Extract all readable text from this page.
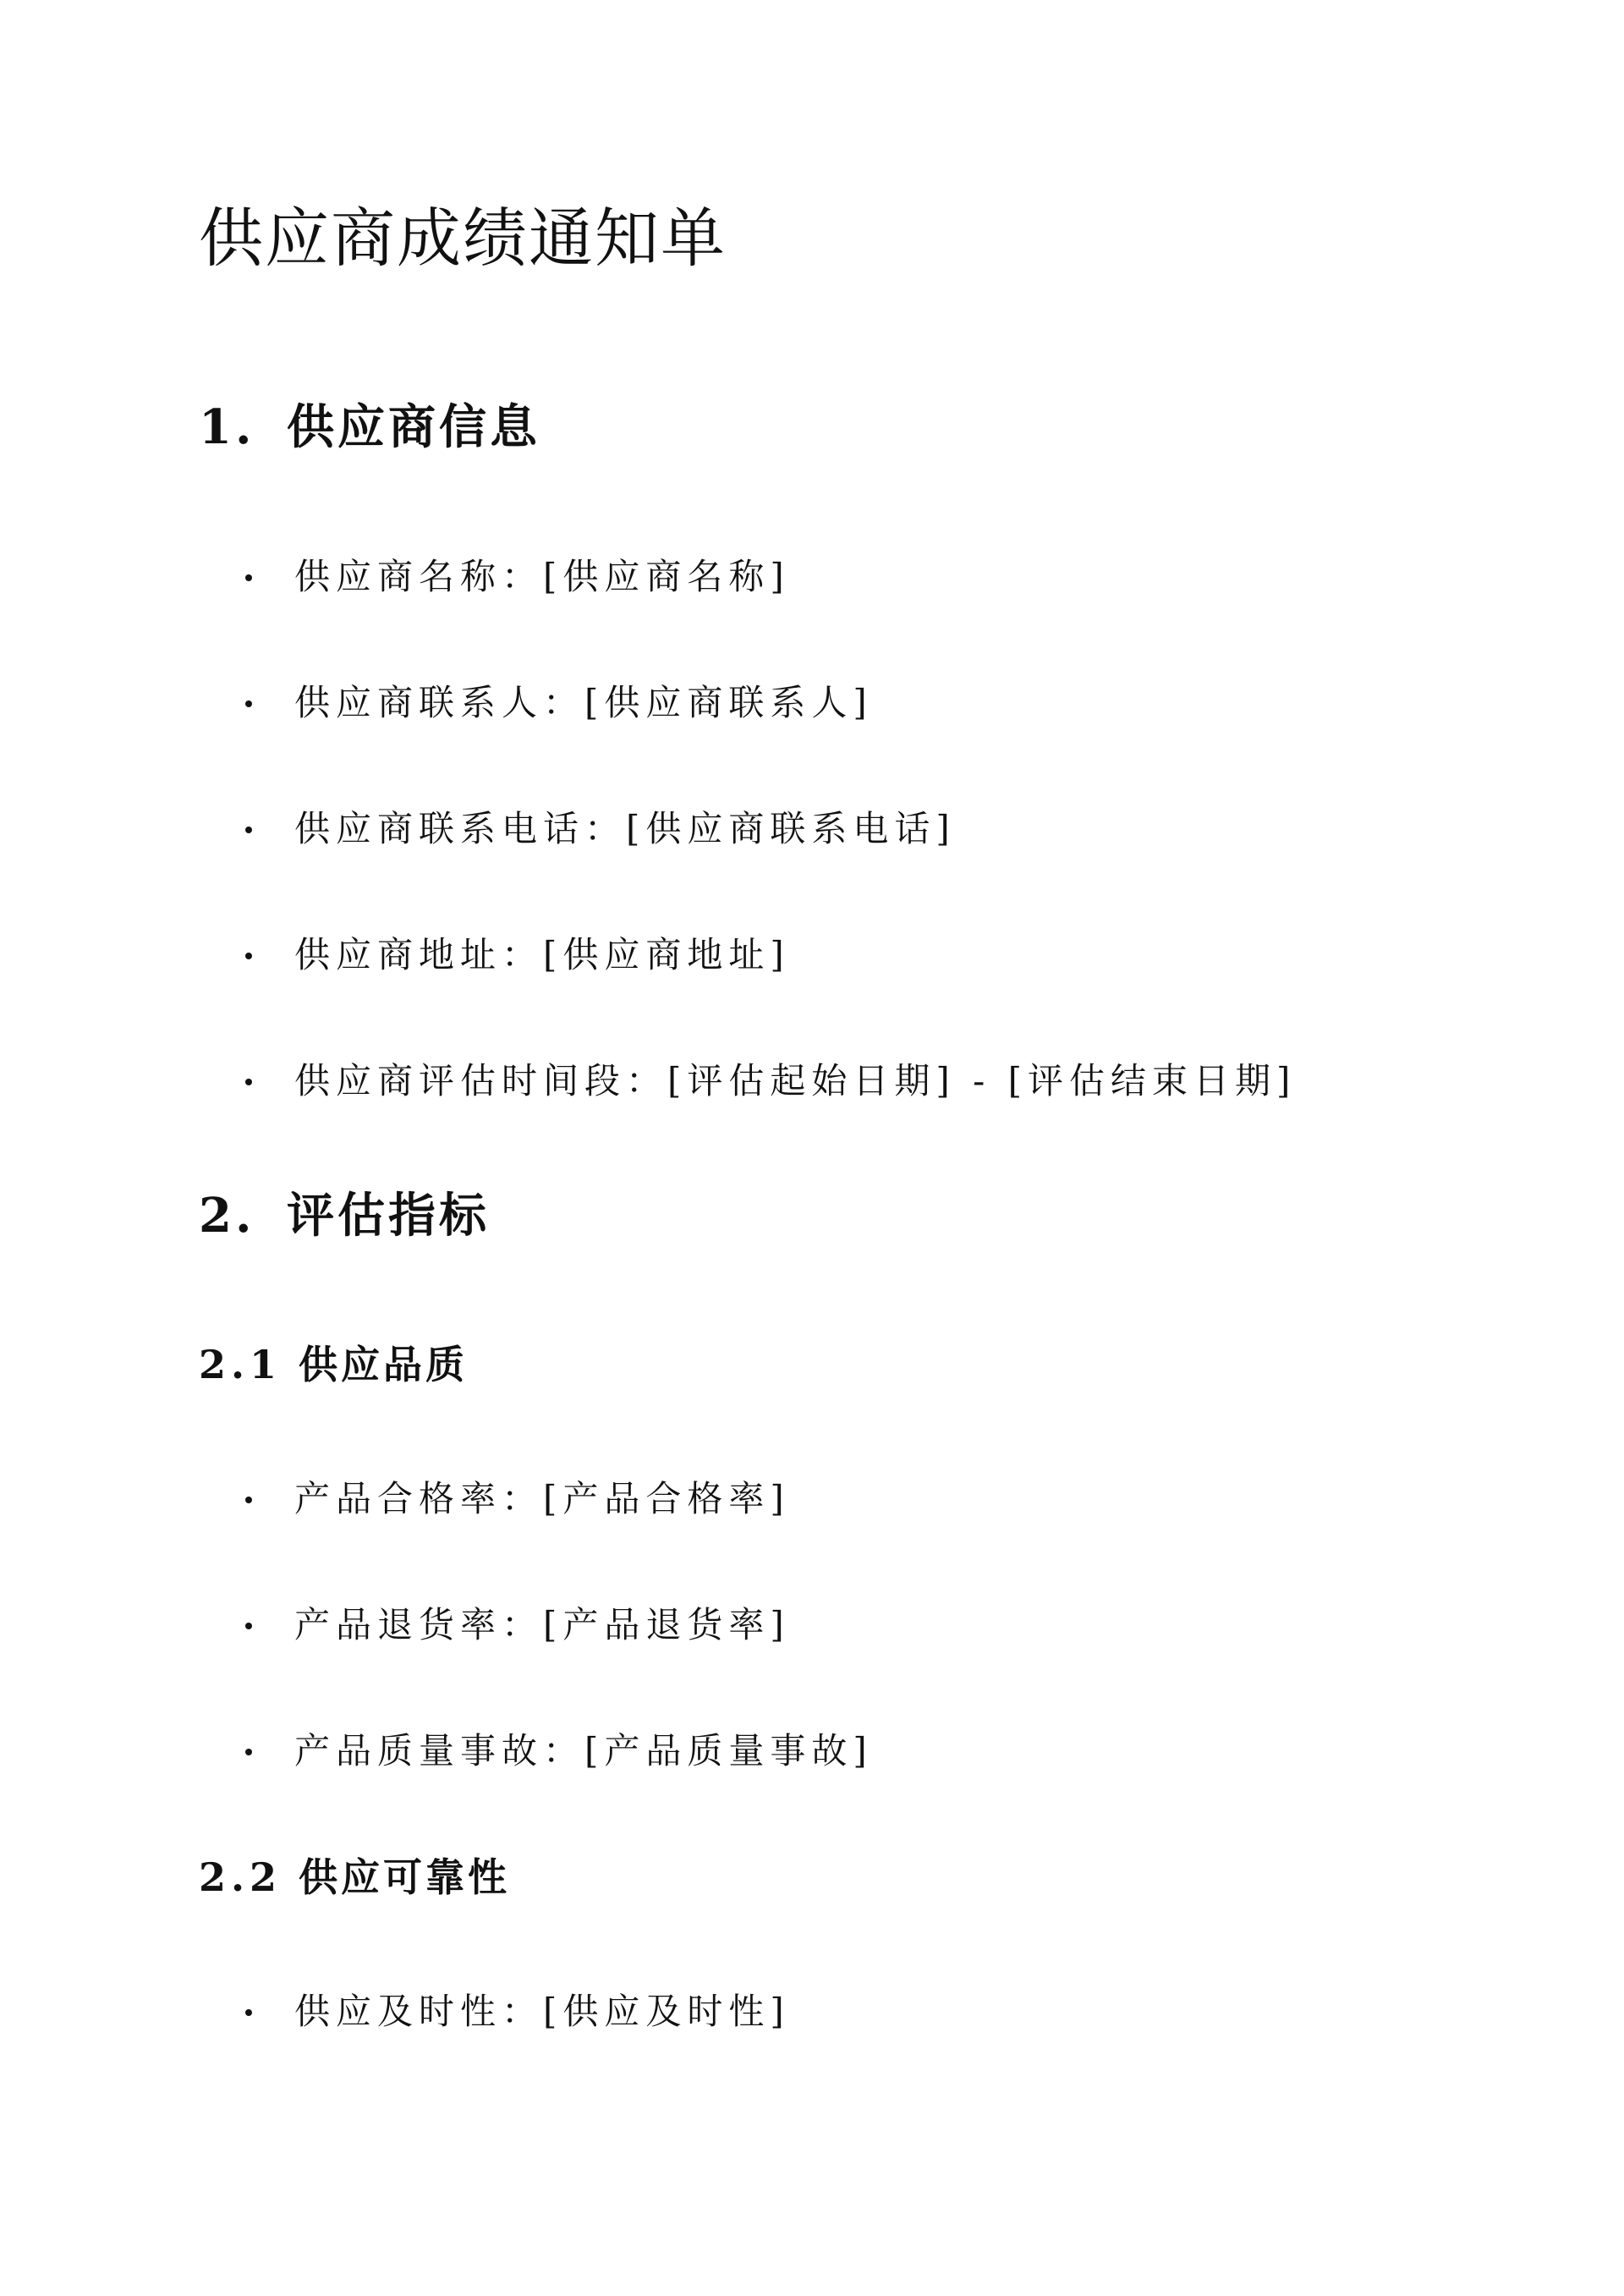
供应商成绩通知单
1. 供应商信息
供应商名称：[供应商名称]
供应商联系人：[供应商联系人]
供应商联系电话：[供应商联系电话]
供应商地址：[供应商地址]
供应商评估时间段：[评估起始日期] - [评估结束日期]
2. 评估指标
2.1 供应品质
产品合格率：[产品合格率]
产品退货率：[产品退货率]
产品质量事故：[产品质量事故]
2.2 供应可靠性
供应及时性：[供应及时性]
